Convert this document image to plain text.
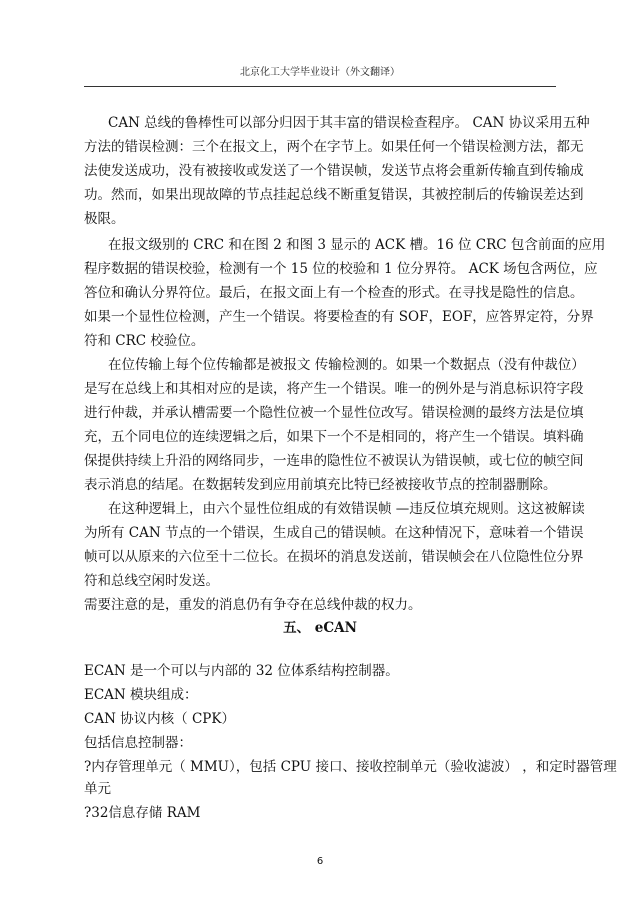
北京化工大学毕业设计（外文翻译）
CAN 总线的鲁棒性可以部分归因于其丰富的错误检查程序。 CAN 协议采用五种
方法的错误检测：三个在报文上，两个在字节上。如果任何一个错误检测方法，都无
法使发送成功，没有被接收或发送了一个错误帧，发送节点将会重新传输直到传输成
功。然而，如果出现故障的节点挂起总线不断重复错误，其被控制后的传输误差达到
极限。
在报文级别的 CRC 和在图 2 和图 3 显示的 ACK 槽。16 位 CRC 包含前面的应用
程序数据的错误校验，检测有一个 15 位的校验和 1 位分界符。 ACK 场包含两位，应
答位和确认分界符位。最后，在报文面上有一个检查的形式。在寻找是隐性的信息。
如果一个显性位检测，产生一个错误。将要检查的有 SOF，EOF，应答界定符，分界
符和 CRC 校验位。
在位传输上每个位传输都是被报文 传输检测的。如果一个数据点（没有仲裁位）
是写在总线上和其相对应的是读，将产生一个错误。唯一的例外是与消息标识符字段
进行仲裁，并承认槽需要一个隐性位被一个显性位改写。错误检测的最终方法是位填
充，五个同电位的连续逻辑之后，如果下一个不是相同的，将产生一个错误。填料确
保提供持续上升沿的网络同步，一连串的隐性位不被误认为错误帧，或七位的帧空间
表示消息的结尾。在数据转发到应用前填充比特已经被接收节点的控制器删除。
在这种逻辑上，由六个显性位组成的有效错误帧 —违反位填充规则。这这被解读
为所有 CAN 节点的一个错误，生成自己的错误帧。在这种情况下，意味着一个错误
帧可以从原来的六位至十二位长。在损坏的消息发送前，错误帧会在八位隐性位分界
符和总线空闲时发送。
需要注意的是，重发的消息仍有争夺在总线仲裁的权力。
五、 eCAN
ECAN 是一个可以与内部的 32 位体系结构控制器。
ECAN 模块组成：
CAN 协议内核（ CPK）
包括信息控制器：
?内存管理单元（ MMU），包括 CPU 接口、接收控制单元（验收滤波） ，和定时器管理
单元
?32信息存储 RAM
6
